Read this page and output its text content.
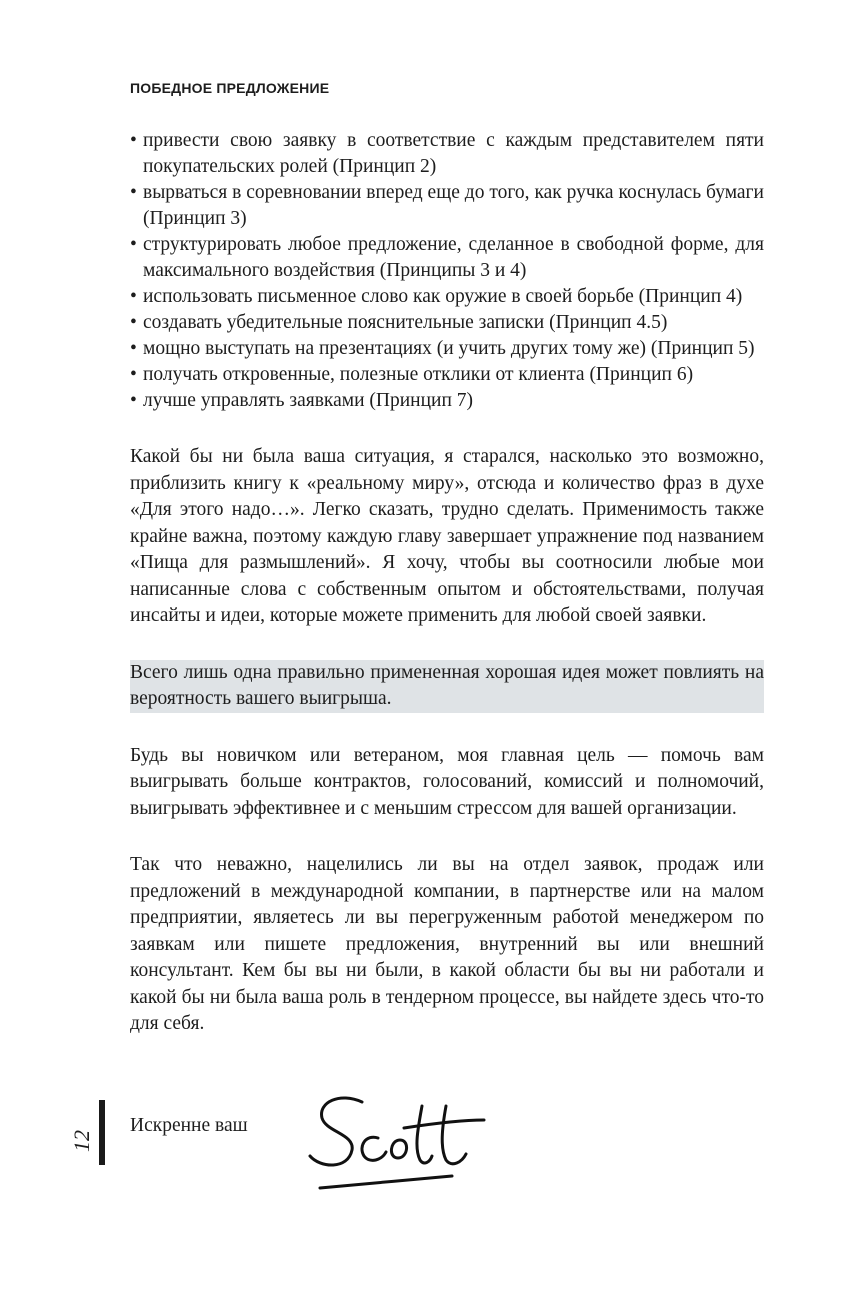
ПОБЕДНОЕ ПРЕДЛОЖЕНИЕ
• привести свою заявку в соответствие с каждым представителем пяти покупательских ролей (Принцип 2)
• вырваться в соревновании вперед еще до того, как ручка коснулась бумаги (Принцип 3)
• структурировать любое предложение, сделанное в свободной форме, для максимального воздействия (Принципы 3 и 4)
• использовать письменное слово как оружие в своей борьбе (Принцип 4)
• создавать убедительные пояснительные записки (Принцип 4.5)
• мощно выступать на презентациях (и учить других тому же) (Принцип 5)
• получать откровенные, полезные отклики от клиента (Принцип 6)
• лучше управлять заявками (Принцип 7)

Какой бы ни была ваша ситуация, я старался, насколько это возможно, приблизить книгу к «реальному миру», отсюда и количество фраз в духе «Для этого надо…». Легко сказать, трудно сделать. Применимость также крайне важна, поэтому каждую главу завершает упражнение под названием «Пища для размышлений». Я хочу, чтобы вы соотносили любые мои написанные слова с собственным опытом и обстоятельствами, получая инсайты и идеи, которые можете применить для любой своей заявки.

Всего лишь одна правильно примененная хорошая идея может повлиять на вероятность вашего выигрыша.

Будь вы новичком или ветераном, моя главная цель — помочь вам выигрывать больше контрактов, голосований, комиссий и полномочий, выигрывать эффективнее и с меньшим стрессом для вашей организации.

Так что неважно, нацелились ли вы на отдел заявок, продаж или предложений в международной компании, в партнерстве или на малом предприятии, являетесь ли вы перегруженным работой менеджером по заявкам или пишете предложения, внутренний вы или внешний консультант. Кем бы вы ни были, в какой области бы вы ни работали и какой бы ни была ваша роль в тендерном процессе, вы найдете здесь что-то для себя.

12
Искренне ваш
